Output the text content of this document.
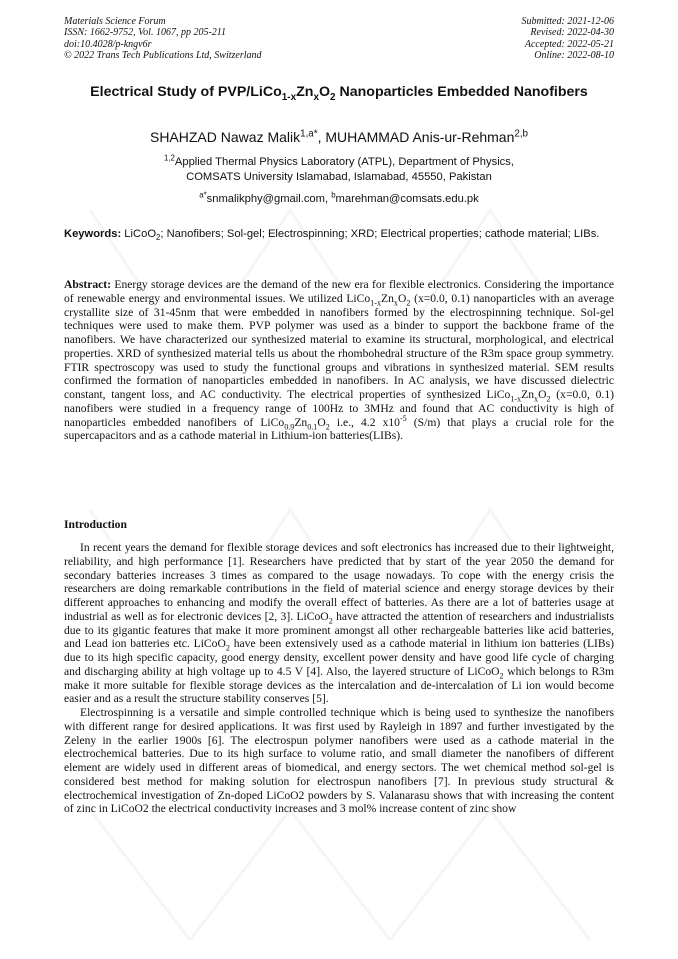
Materials Science Forum
ISSN: 1662-9752, Vol. 1067, pp 205-211
doi:10.4028/p-kngv6r
© 2022 Trans Tech Publications Ltd, Switzerland
Submitted: 2021-12-06
Revised: 2022-04-30
Accepted: 2022-05-21
Online: 2022-08-10
Electrical Study of PVP/$LiCo_{1-x}Zn_xO_2$ Nanoparticles Embedded Nanofibers
SHAHZAD Nawaz Malik$^{1,a*}$, MUHAMMAD Anis-ur-Rehman$^{2,b}$
$^{1,2}$Applied Thermal Physics Laboratory (ATPL), Department of Physics,
COMSATS University Islamabad, Islamabad, 45550, Pakistan
$^{a*}$snmalikphy@gmail.com, $^b$marehman@comsats.edu.pk
Keywords: LiCoO$_2$; Nanofibers; Sol-gel; Electrospinning; XRD; Electrical properties; cathode material; LIBs.
Abstract: Energy storage devices are the demand of the new era for flexible electronics. Considering the importance of renewable energy and environmental issues. We utilized $LiCo_{1-x}Zn_xO_2$ (x=0.0, 0.1) nanoparticles with an average crystallite size of 31-45nm that were embedded in nanofibers formed by the electrospinning technique. Sol-gel techniques were used to make them. PVP polymer was used as a binder to support the backbone frame of the nanofibers. We have characterized our synthesized material to examine its structural, morphological, and electrical properties. XRD of synthesized material tells us about the rhombohedral structure of the R3m space group symmetry. FTIR spectroscopy was used to study the functional groups and vibrations in synthesized material. SEM results confirmed the formation of nanoparticles embedded in nanofibers. In AC analysis, we have discussed dielectric constant, tangent loss, and AC conductivity. The electrical properties of synthesized $LiCo_{1-x}Zn_xO_2$ (x=0.0, 0.1) nanofibers were studied in a frequency range of 100Hz to 3MHz and found that AC conductivity is high of nanoparticles embedded nanofibers of $LiCo_{0.9}Zn_{0.1}O_2$ i.e., 4.2 $x10^{-5}$ (S/m) that plays a crucial role for the supercapacitors and as a cathode material in Lithium-ion batteries(LIBs).
Introduction

In recent years the demand for flexible storage devices and soft electronics has increased due to their lightweight, reliability, and high performance [1]. Researchers have predicted that by start of the year 2050 the demand for secondary batteries increases 3 times as compared to the usage nowadays. To cope with the energy crisis the researchers are doing remarkable contributions in the field of material science and energy storage devices by their different approaches to enhancing and modify the overall effect of batteries. As there are a lot of batteries usage at industrial as well as for electronic devices [2, 3]. LiCoO$_2$ have attracted the attention of researchers and industrialists due to its gigantic features that make it more prominent amongst all other rechargeable batteries like acid batteries, and Lead ion batteries etc. LiCoO$_2$ have been extensively used as a cathode material in lithium ion batteries (LIBs) due to its high specific capacity, good energy density, excellent power density and have good life cycle of charging and discharging ability at high voltage up to 4.5 V [4]. Also, the layered structure of LiCoO$_2$ which belongs to R3m make it more suitable for flexible storage devices as the intercalation and de-intercalation of Li ion would become easier and as a result the structure stability conserves [5].

Electrospinning is a versatile and simple controlled technique which is being used to synthesize the nanofibers with different range for desired applications. It was first used by Rayleigh in 1897 and further investigated by the Zeleny in the earlier 1900s [6]. The electrospun polymer nanofibers were used as a cathode material in the electrochemical batteries. Due to its high surface to volume ratio, and small diameter the nanofibers of different element are widely used in different areas of biomedical, and energy sectors. The wet chemical method sol-gel is considered best method for making solution for electrospun nanofibers [7]. In previous study structural & electrochemical investigation of Zn-doped LiCoO2 powders by S. Valanarasu shows that with increasing the content of zinc in LiCoO2 the electrical conductivity increases and 3 mol% increase content of zinc show
